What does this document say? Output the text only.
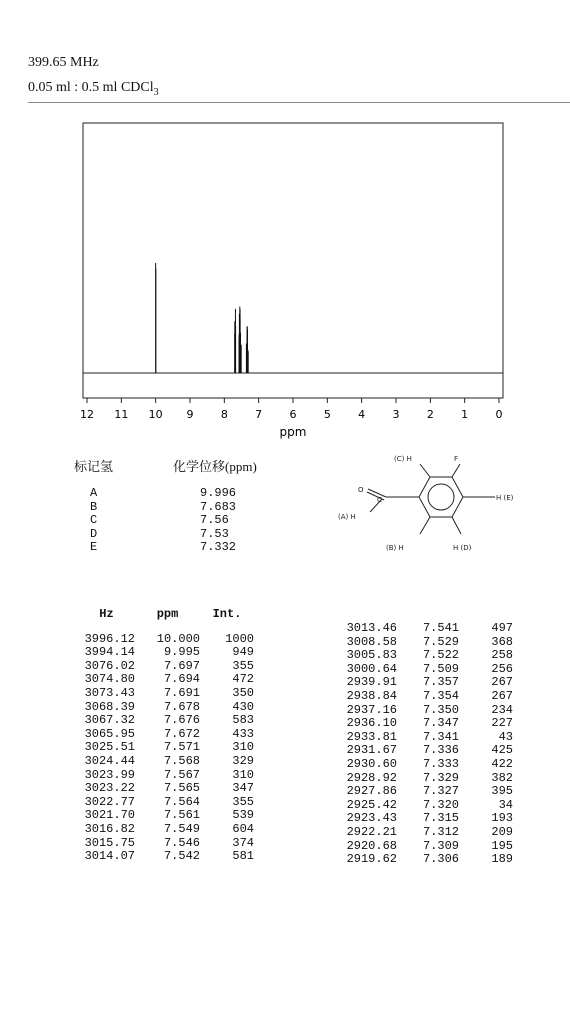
399.65 MHz
0.05 ml : 0.5 ml CDCl$_3$
12 11 10 9 8 7 6 5 4 3 2 1 0
ppm
标记氢	化学位移(ppm)
A	9.996
B	7.683
C	7.56
D	7.53
E	7.332
O
C
(A) H
(C) H	F
H (E)
(B) H	H (D)
Hz	ppm	Int.

3996.12	10.000	1000
3994.14	9.995	949
3076.02	7.697	355
3074.80	7.694	472
3073.43	7.691	350
3068.39	7.678	430
3067.32	7.676	583
3065.95	7.672	433
3025.51	7.571	310
3024.44	7.568	329
3023.99	7.567	310
3023.22	7.565	347
3022.77	7.564	355
3021.70	7.561	539
3016.82	7.549	604
3015.75	7.546	374
3014.07	7.542	581
3013.46	7.541	497
3008.58	7.529	368
3005.83	7.522	258
3000.64	7.509	256
2939.91	7.357	267
2938.84	7.354	267
2937.16	7.350	234
2936.10	7.347	227
2933.81	7.341	43
2931.67	7.336	425
2930.60	7.333	422
2928.92	7.329	382
2927.86	7.327	395
2925.42	7.320	34
2923.43	7.315	193
2922.21	7.312	209
2920.68	7.309	195
2919.62	7.306	189
